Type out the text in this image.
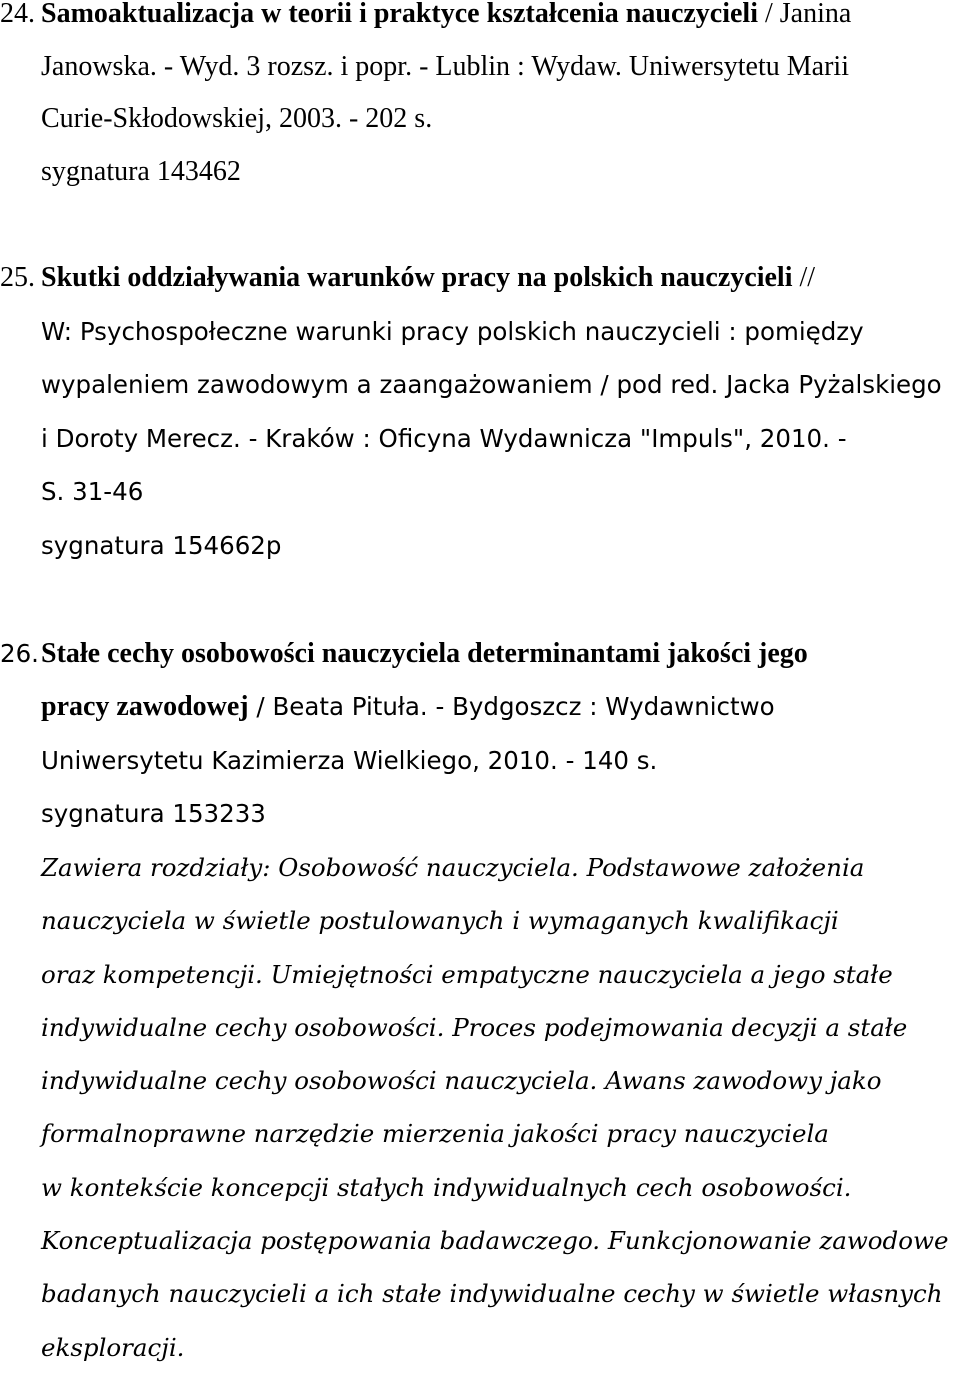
24. Samoaktualizacja w teorii i praktyce kształcenia nauczycieli / Janina
Janowska. - Wyd. 3 rozsz. i popr. - Lublin : Wydaw. Uniwersytetu Marii
Curie-Skłodowskiej, 2003. - 202 s.
sygnatura 143462
25. Skutki oddziaływania warunków pracy na polskich nauczycieli //
W: Psychospołeczne warunki pracy polskich nauczycieli : pomiędzy
wypaleniem zawodowym a zaangażowaniem / pod red. Jacka Pyżalskiego
i Doroty Merecz. - Kraków : Oficyna Wydawnicza "Impuls", 2010. -
S. 31-46
sygnatura 154662p
26. Stałe cechy osobowości nauczyciela determinantami jakości jego
pracy zawodowej / Beata Pituła. - Bydgoszcz : Wydawnictwo
Uniwersytetu Kazimierza Wielkiego, 2010. - 140 s.
sygnatura 153233
Zawiera rozdziały: Osobowość nauczyciela. Podstawowe założenia
nauczyciela w świetle postulowanych i wymaganych kwalifikacji
oraz kompetencji. Umiejętności empatyczne nauczyciela a jego stałe
indywidualne cechy osobowości. Proces podejmowania decyzji a stałe
indywidualne cechy osobowości nauczyciela. Awans zawodowy jako
formalnoprawne narzędzie mierzenia jakości pracy nauczyciela
w kontekście koncepcji stałych indywidualnych cech osobowości.
Konceptualizacja postępowania badawczego. Funkcjonowanie zawodowe
badanych nauczycieli a ich stałe indywidualne cechy w świetle własnych
eksploracji.
